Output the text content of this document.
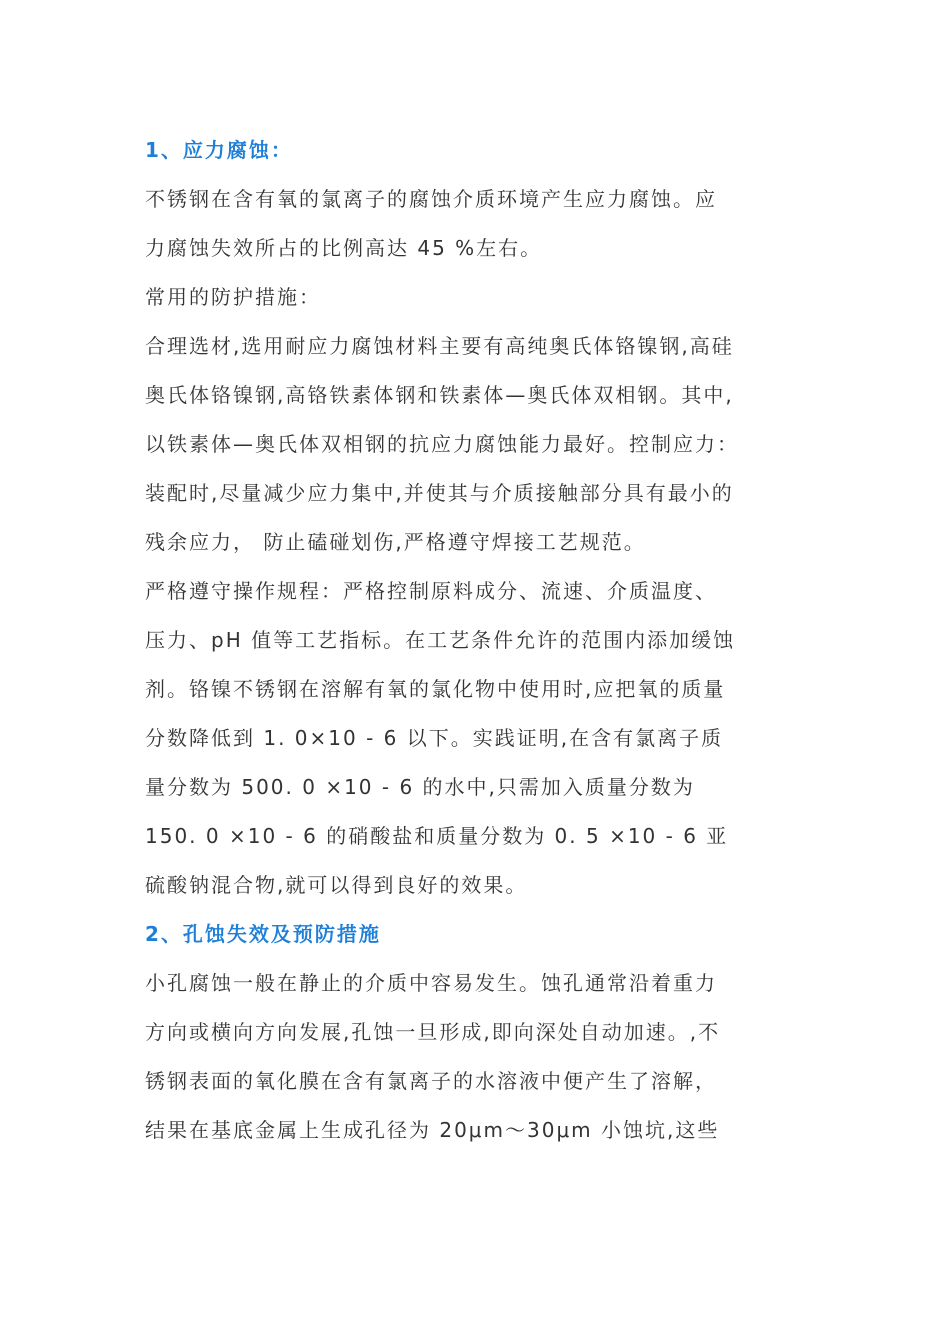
1、应力腐蚀：
不锈钢在含有氧的氯离子的腐蚀介质环境产生应力腐蚀。应
力腐蚀失效所占的比例高达 45 %左右。
常用的防护措施：
合理选材,选用耐应力腐蚀材料主要有高纯奥氏体铬镍钢,高硅
奥氏体铬镍钢,高铬铁素体钢和铁素体—奥氏体双相钢。其中,
以铁素体—奥氏体双相钢的抗应力腐蚀能力最好。控制应力：
装配时,尽量减少应力集中,并使其与介质接触部分具有最小的
残余应力， 防止磕碰划伤,严格遵守焊接工艺规范。
严格遵守操作规程：严格控制原料成分、流速、介质温度、
压力、pH 值等工艺指标。在工艺条件允许的范围内添加缓蚀
剂。铬镍不锈钢在溶解有氧的氯化物中使用时,应把氧的质量
分数降低到 1. 0×10 - 6 以下。实践证明,在含有氯离子质
量分数为 500. 0 ×10 - 6 的水中,只需加入质量分数为
150. 0 ×10 - 6 的硝酸盐和质量分数为 0. 5 ×10 - 6 亚
硫酸钠混合物,就可以得到良好的效果。
2、孔蚀失效及预防措施
小孔腐蚀一般在静止的介质中容易发生。蚀孔通常沿着重力
方向或横向方向发展,孔蚀一旦形成,即向深处自动加速。,不
锈钢表面的氧化膜在含有氯离子的水溶液中便产生了溶解，
结果在基底金属上生成孔径为 20μm～30μm 小蚀坑,这些
